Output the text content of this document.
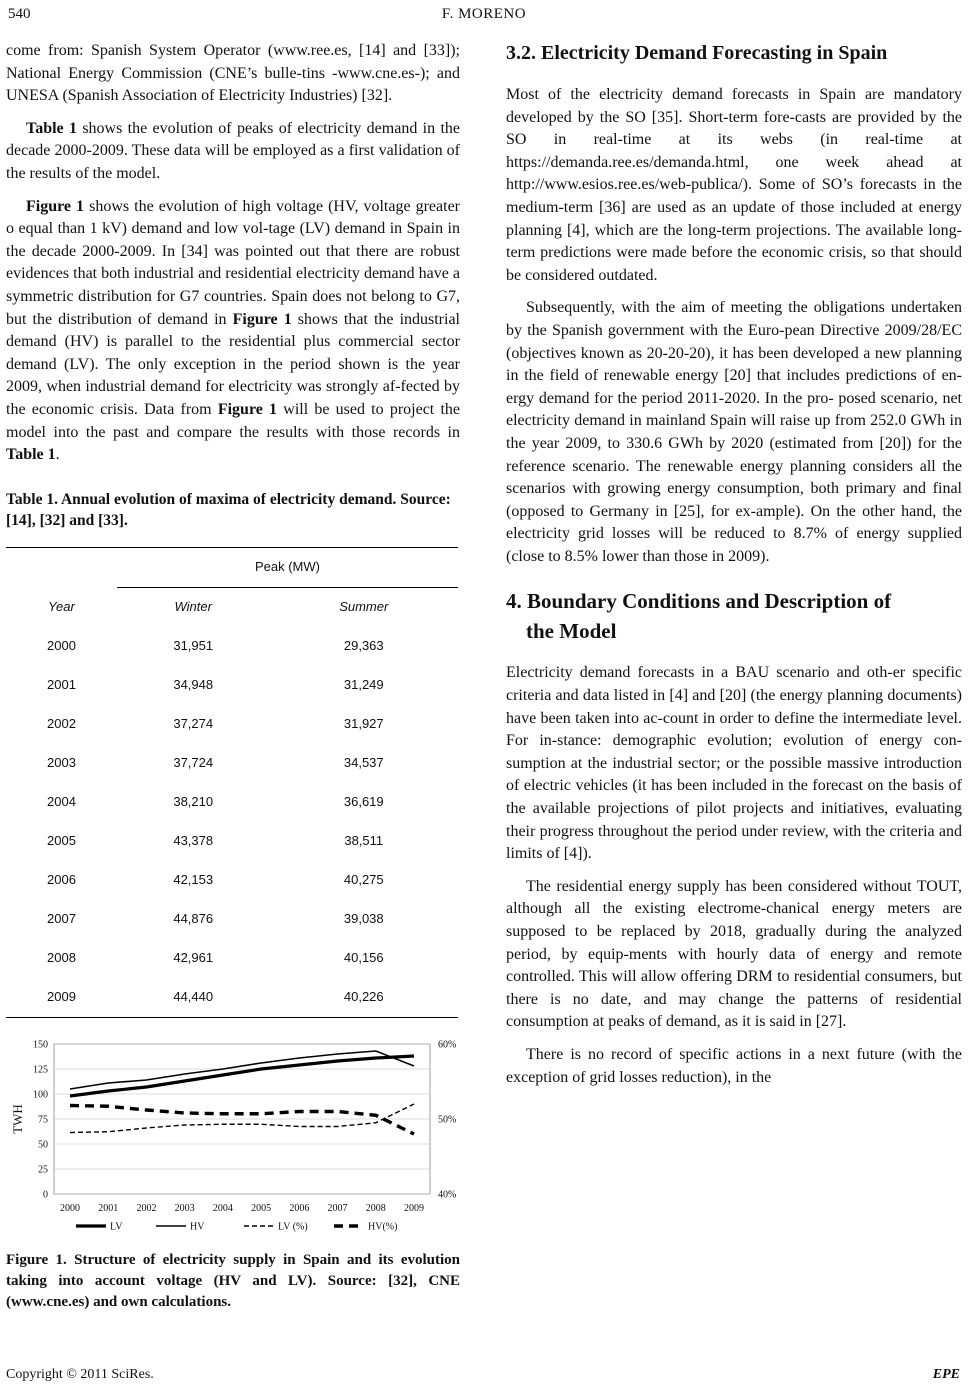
540	F. MORENO

come from: Spanish System Operator (www.ree.es, [14] and [33]); National Energy Commission (CNE’s bulle-tins -www.cne.es-); and UNESA (Spanish Association of Electricity Industries) [32].

Table 1 shows the evolution of peaks of electricity demand in the decade 2000-2009. These data will be employed as a first validation of the results of the model.

Figure 1 shows the evolution of high voltage (HV, voltage greater o equal than 1 kV) demand and low vol-tage (LV) demand in Spain in the decade 2000-2009. In [34] was pointed out that there are robust evidences that both industrial and residential electricity demand have a symmetric distribution for G7 countries. Spain does not belong to G7, but the distribution of demand in Figure 1 shows that the industrial demand (HV) is parallel to the residential plus commercial sector demand (LV). The only exception in the period shown is the year 2009, when industrial demand for electricity was strongly af-fected by the economic crisis. Data from Figure 1 will be used to project the model into the past and compare the results with those records in Table 1.

Table 1. Annual evolution of maxima of electricity demand. Source: [14], [32] and [33].
	Peak (MW)	
Year	Winter	Summer
2000	31,951	29,363
2001	34,948	31,249
2002	37,274	31,927
2003	37,724	34,537
2004	38,210	36,619
2005	43,378	38,511
2006	42,153	40,275
2007	44,876	39,038
2008	42,961	40,156
2009	44,440	40,226
0
25
50
75
100
125
150
40%
50%
60%
2000 2001 2002 2003 2004 2005 2006 2007 2008 2009
TWH
LV	HV	LV (%)	HV(%)
Figure 1. Structure of electricity supply in Spain and its evolution taking into account voltage (HV and LV). Source: [32], CNE (www.cne.es) and own calculations.
3.2. Electricity Demand Forecasting in Spain

Most of the electricity demand forecasts in Spain are mandatory developed by the SO [35]. Short-term fore-casts are provided by the SO in real-time at its webs (in real-time at https://demanda.ree.es/demanda.html, one week ahead at http://www.esios.ree.es/web-publica/). Some of SO’s forecasts in the medium-term [36] are used as an update of those included at energy planning [4], which are the long-term projections. The available long-term predictions were made before the economic crisis, so that should be considered outdated.

Subsequently, with the aim of meeting the obligations undertaken by the Spanish government with the Euro-pean Directive 2009/28/EC (objectives known as 20-20-20), it has been developed a new planning in the field of renewable energy [20] that includes predictions of en-ergy demand for the period 2011-2020. In the pro- posed scenario, net electricity demand in mainland Spain will raise up from 252.0 GWh in the year 2009, to 330.6 GWh by 2020 (estimated from [20]) for the reference scenario. The renewable energy planning considers all the scenarios with growing energy consumption, both primary and final (opposed to Germany in [25], for ex-ample). On the other hand, the electricity grid losses will be reduced to 8.7% of energy supplied (close to 8.5% lower than those in 2009).

4. Boundary Conditions and Description of
the Model

Electricity demand forecasts in a BAU scenario and oth-er specific criteria and data listed in [4] and [20] (the energy planning documents) have been taken into ac-count in order to define the intermediate level. For in-stance: demographic evolution; evolution of energy con-sumption at the industrial sector; or the possible massive introduction of electric vehicles (it has been included in the forecast on the basis of the available projections of pilot projects and initiatives, evaluating their progress throughout the period under review, with the criteria and limits of [4]).

The residential energy supply has been considered without TOUT, although all the existing electrome-chanical energy meters are supposed to be replaced by 2018, gradually during the analyzed period, by equip-ments with hourly data of energy and remote controlled. This will allow offering DRM to residential consumers, but there is no date, and may change the patterns of residential consumption at peaks of demand, as it is said in [27].

There is no record of specific actions in a next future (with the exception of grid losses reduction), in the

Copyright © 2011 SciRes.	EPE
